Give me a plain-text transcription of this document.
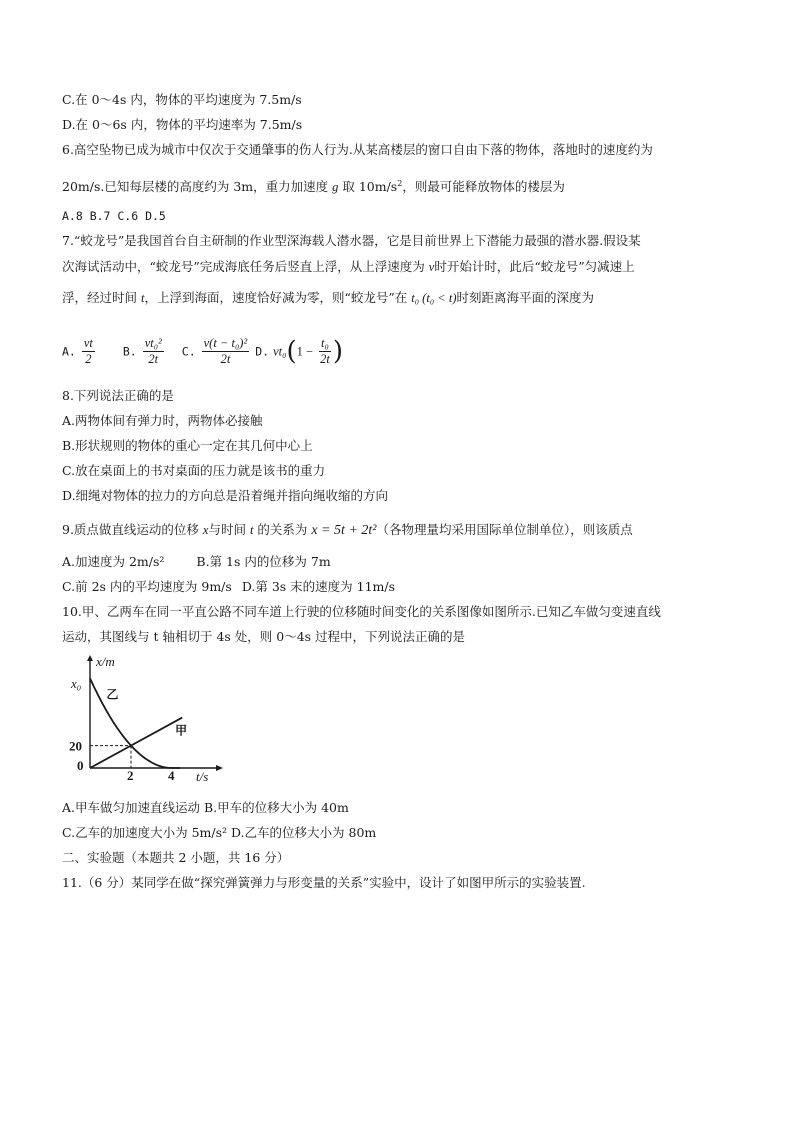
C.在 0～4s 内，物体的平均速度为 7.5m/s
D.在 0～6s 内，物体的平均速率为 7.5m/s
6.高空坠物已成为城市中仅次于交通肇事的伤人行为.从某高楼层的窗口自由下落的物体，落地时的速度约为
20m/s.已知每层楼的高度约为 3m，重力加速度 g 取 $10m/s^2$，则最可能释放物体的楼层为
A.8 B.7 C.6 D.5
7.“蛟龙号”是我国首台自主研制的作业型深海载人潜水器，它是目前世界上下潜能力最强的潜水器.假设某
次海试活动中，“蛟龙号”完成海底任务后竖直上浮，从上浮速度为 v时开始计时，此后“蛟龙号”匀减速上
浮，经过时间 t，上浮到海面，速度恰好减为零，则“蛟龙号”在 t₀ (t₀ < t)时刻距离海平面的深度为
A. $\frac{vt}{2} B$. $\frac{\text{vt₀²}}{2t} C$. $\frac{\text{v(t − t₀)²}}{2t} D$. $vt_0(1 - \frac{\text{t₀}}{2t}$ )
8.下列说法正确的是
A.两物体间有弹力时，两物体必接触
B.形状规则的物体的重心一定在其几何中心上
C.放在桌面上的书对桌面的压力就是该书的重力
D.细绳对物体的拉力的方向总是沿着绳并指向绳收缩的方向
9.质点做直线运动的位移 x与时间 t 的关系为 x = 5t + 2t²（各物理量均采用国际单位制单位），则该质点
A.加速度为 2m/s²	B.第 1s 内的位移为 7m
C.前 2s 内的平均速度为 9m/s D.第 3s 末的速度为 11m/s
10.甲、乙两车在同一平直公路不同车道上行驶的位移随时间变化的关系图像如图所示.已知乙车做匀变速直线
运动，其图线与 t 轴相切于 4s 处，则 0～4s 过程中，下列说法正确的是
A.甲车做匀加速直线运动 B.甲车的位移大小为 40m
C.乙车的加速度大小为 5m/s² D.乙车的位移大小为 80m
二、实验题（本题共 2 小题，共 16 分）
11.（6 分）某同学在做“探究弹簧弹力与形变量的关系”实验中，设计了如图甲所示的实验装置.
x/m
t/s
x₀
20
0
2	4
乙
甲
